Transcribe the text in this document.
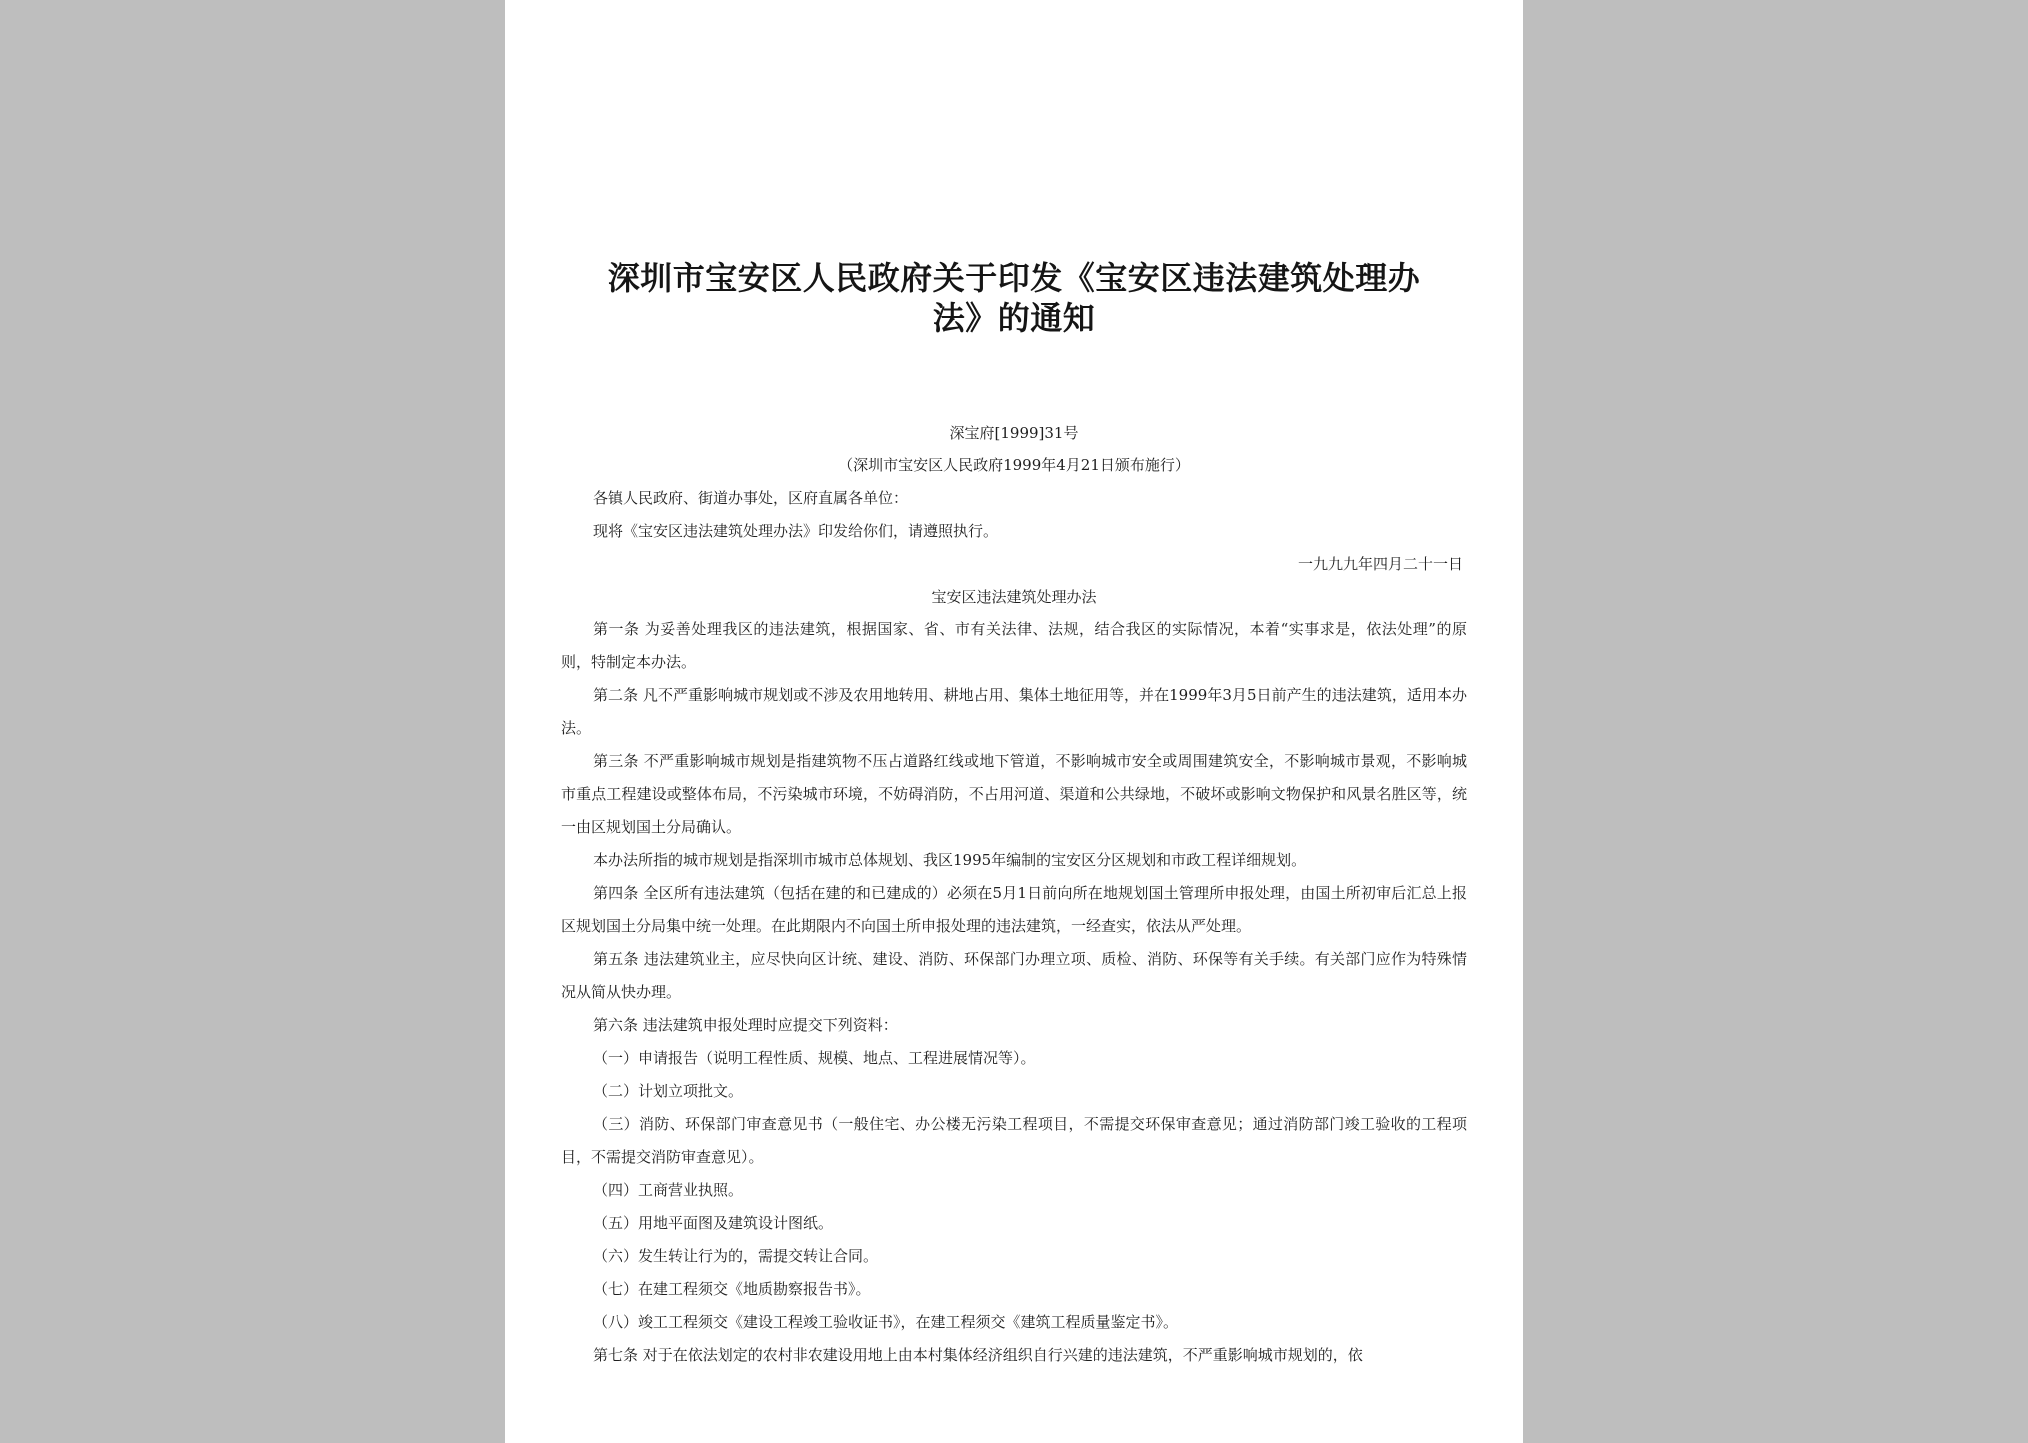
深圳市宝安区人民政府关于印发《宝安区违法建筑处理办法》的通知
深宝府[1999]31号
（深圳市宝安区人民政府1999年4月21日颁布施行）
各镇人民政府、街道办事处，区府直属各单位：
现将《宝安区违法建筑处理办法》印发给你们，请遵照执行。
一九九九年四月二十一日
宝安区违法建筑处理办法

第一条 为妥善处理我区的违法建筑，根据国家、省、市有关法律、法规，结合我区的实际情况，本着“实事求是，依法处理”的原则，特制定本办法。

第二条 凡不严重影响城市规划或不涉及农用地转用、耕地占用、集体土地征用等，并在1999年3月5日前产生的违法建筑，适用本办法。

第三条 不严重影响城市规划是指建筑物不压占道路红线或地下管道，不影响城市安全或周围建筑安全，不影响城市景观，不影响城市重点工程建设或整体布局，不污染城市环境，不妨碍消防，不占用河道、渠道和公共绿地，不破坏或影响文物保护和风景名胜区等，统一由区规划国土分局确认。

本办法所指的城市规划是指深圳市城市总体规划、我区1995年编制的宝安区分区规划和市政工程详细规划。

第四条 全区所有违法建筑（包括在建的和已建成的）必须在5月1日前向所在地规划国土管理所申报处理，由国土所初审后汇总上报区规划国土分局集中统一处理。在此期限内不向国土所申报处理的违法建筑，一经查实，依法从严处理。

第五条 违法建筑业主，应尽快向区计统、建设、消防、环保部门办理立项、质检、消防、环保等有关手续。有关部门应作为特殊情况从简从快办理。

第六条 违法建筑申报处理时应提交下列资料：

（一）申请报告（说明工程性质、规模、地点、工程进展情况等）。

（二）计划立项批文。

（三）消防、环保部门审查意见书（一般住宅、办公楼无污染工程项目，不需提交环保审查意见；通过消防部门竣工验收的工程项目，不需提交消防审查意见）。

（四）工商营业执照。

（五）用地平面图及建筑设计图纸。

（六）发生转让行为的，需提交转让合同。

（七）在建工程须交《地质勘察报告书》。

（八）竣工工程须交《建设工程竣工验收证书》，在建工程须交《建筑工程质量鉴定书》。

第七条 对于在依法划定的农村非农建设用地上由本村集体经济组织自行兴建的违法建筑，不严重影响城市规划的，依
